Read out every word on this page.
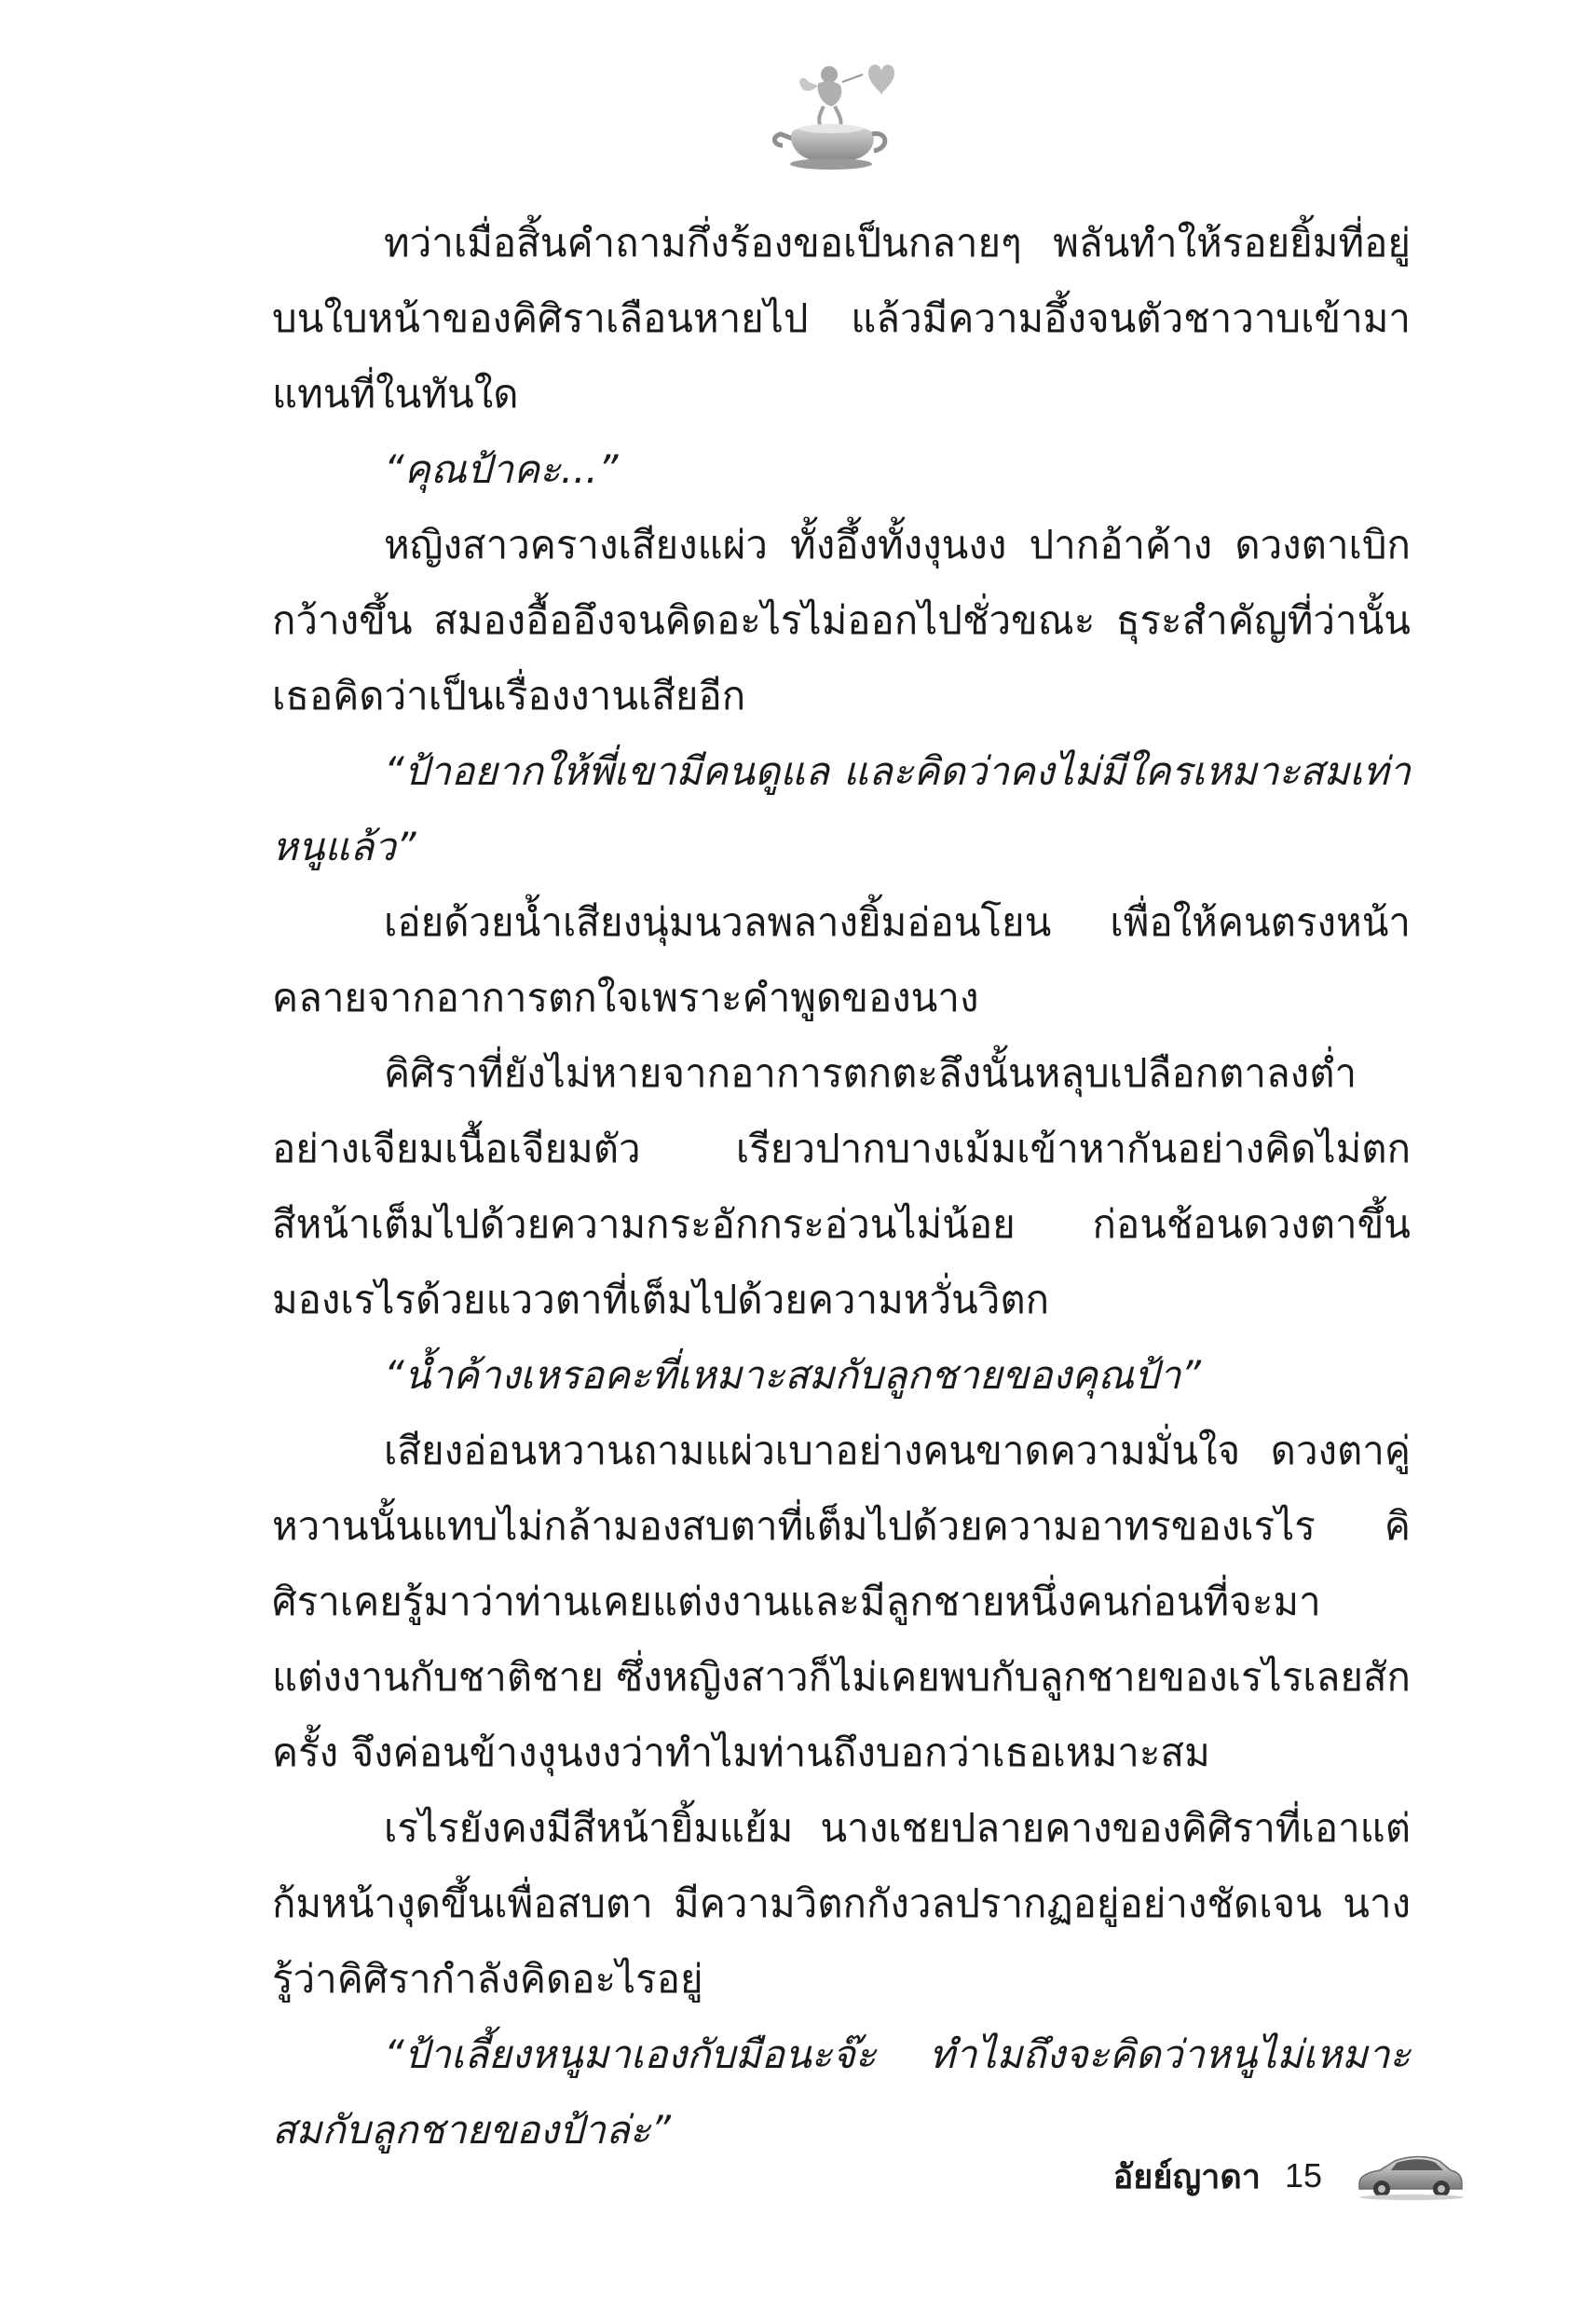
ทว่าเมื่อสิ้นคำถามกึ่งร้องขอเป็นกลายๆ พลันทำให้รอยยิ้มที่อยู่บนใบหน้าของคิศิราเลือนหายไป แล้วมีความอึ้งจนตัวชาวาบเข้ามาแทนที่ในทันใด

“คุณป้าคะ...”

หญิงสาวครางเสียงแผ่ว ทั้งอึ้งทั้งงุนงง ปากอ้าค้าง ดวงตาเบิกกว้างขึ้น สมองอื้ออึงจนคิดอะไรไม่ออกไปชั่วขณะ ธุระสำคัญที่ว่านั้นเธอคิดว่าเป็นเรื่องงานเสียอีก

“ป้าอยากให้พี่เขามีคนดูแล และคิดว่าคงไม่มีใครเหมาะสมเท่าหนูแล้ว”

เอ่ยด้วยน้ำเสียงนุ่มนวลพลางยิ้มอ่อนโยน เพื่อให้คนตรงหน้าคลายจากอาการตกใจเพราะคำพูดของนาง

คิศิราที่ยังไม่หายจากอาการตกตะลึงนั้นหลุบเปลือกตาลงต่ำอย่างเจียมเนื้อเจียมตัว เรียวปากบางเม้มเข้าหากันอย่างคิดไม่ตก สีหน้าเต็มไปด้วยความกระอักกระอ่วนไม่น้อย ก่อนช้อนดวงตาขึ้นมองเรไรด้วยแววตาที่เต็มไปด้วยความหวั่นวิตก

“น้ำค้างเหรอคะที่เหมาะสมกับลูกชายของคุณป้า”

เสียงอ่อนหวานถามแผ่วเบาอย่างคนขาดความมั่นใจ ดวงตาคู่หวานนั้นแทบไม่กล้ามองสบตาที่เต็มไปด้วยความอาทรของเรไร คิศิราเคยรู้มาว่าท่านเคยแต่งงานและมีลูกชายหนึ่งคนก่อนที่จะมาแต่งงานกับชาติชาย ซึ่งหญิงสาวก็ไม่เคยพบกับลูกชายของเรไรเลยสักครั้ง จึงค่อนข้างงุนงงว่าทำไมท่านถึงบอกว่าเธอเหมาะสม

เรไรยังคงมีสีหน้ายิ้มแย้ม นางเชยปลายคางของคิศิราที่เอาแต่ก้มหน้างุดขึ้นเพื่อสบตา มีความวิตกกังวลปรากฏอยู่อย่างชัดเจน นางรู้ว่าคิศิรากำลังคิดอะไรอยู่

“ป้าเลี้ยงหนูมาเองกับมือนะจ๊ะ ทำไมถึงจะคิดว่าหนูไม่เหมาะสมกับลูกชายของป้าล่ะ”

อัยย์ญาดา 15
